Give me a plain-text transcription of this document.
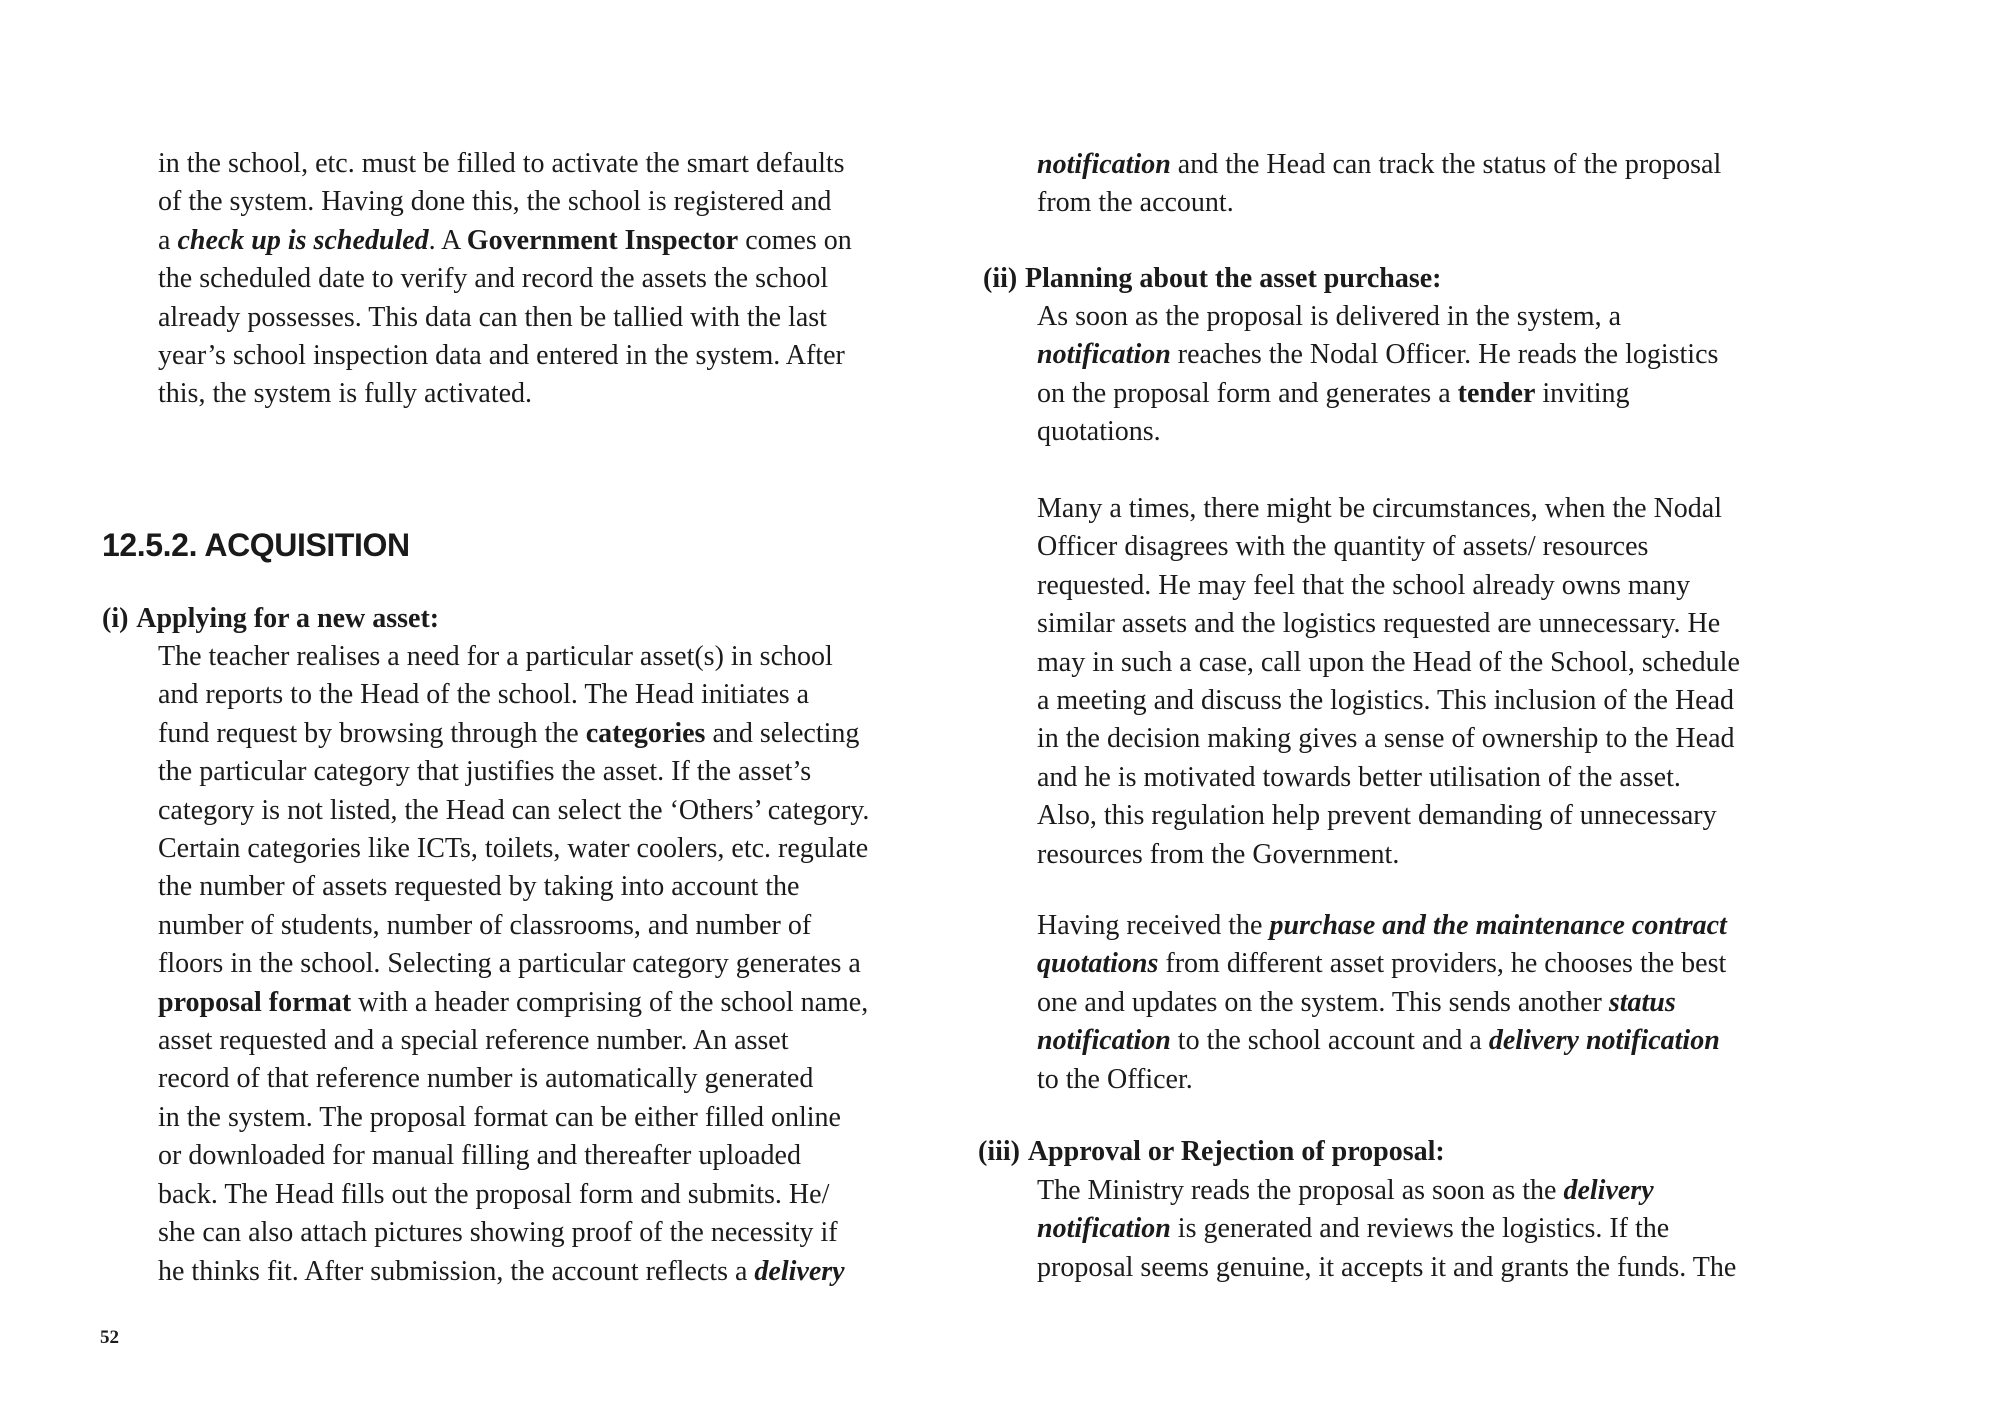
in the school, etc. must be filled to activate the smart defaults
of the system. Having done this, the school is registered and
a check up is scheduled. A Government Inspector comes on
the scheduled date to verify and record the assets the school
already possesses. This data can then be tallied with the last
year’s school inspection data and entered in the system. After
this, the system is fully activated.
12.5.2. ACQUISITION
(i) Applying for a new asset:
The teacher realises a need for a particular asset(s) in school
and reports to the Head of the school. The Head initiates a
fund request by browsing through the categories and selecting
the particular category that justifies the asset. If the asset’s
category is not listed, the Head can select the ‘Others’ category.
Certain categories like ICTs, toilets, water coolers, etc. regulate
the number of assets requested by taking into account the
number of students, number of classrooms, and number of
floors in the school. Selecting a particular category generates a
proposal format with a header comprising of the school name,
asset requested and a special reference number. An asset
record of that reference number is automatically generated
in the system. The proposal format can be either filled online
or downloaded for manual filling and thereafter uploaded
back. The Head fills out the proposal form and submits. He/
she can also attach pictures showing proof of the necessity if
he thinks fit. After submission, the account reflects a delivery
52
notification and the Head can track the status of the proposal
from the account.
(ii) Planning about the asset purchase:
As soon as the proposal is delivered in the system, a
notification reaches the Nodal Officer. He reads the logistics
on the proposal form and generates a tender inviting
quotations.
Many a times, there might be circumstances, when the Nodal
Officer disagrees with the quantity of assets/ resources
requested. He may feel that the school already owns many
similar assets and the logistics requested are unnecessary. He
may in such a case, call upon the Head of the School, schedule
a meeting and discuss the logistics. This inclusion of the Head
in the decision making gives a sense of ownership to the Head
and he is motivated towards better utilisation of the asset.
Also, this regulation help prevent demanding of unnecessary
resources from the Government.
Having received the purchase and the maintenance contract
quotations from different asset providers, he chooses the best
one and updates on the system. This sends another status
notification to the school account and a delivery notification
to the Officer.
(iii) Approval or Rejection of proposal:
The Ministry reads the proposal as soon as the delivery
notification is generated and reviews the logistics. If the
proposal seems genuine, it accepts it and grants the funds. The
